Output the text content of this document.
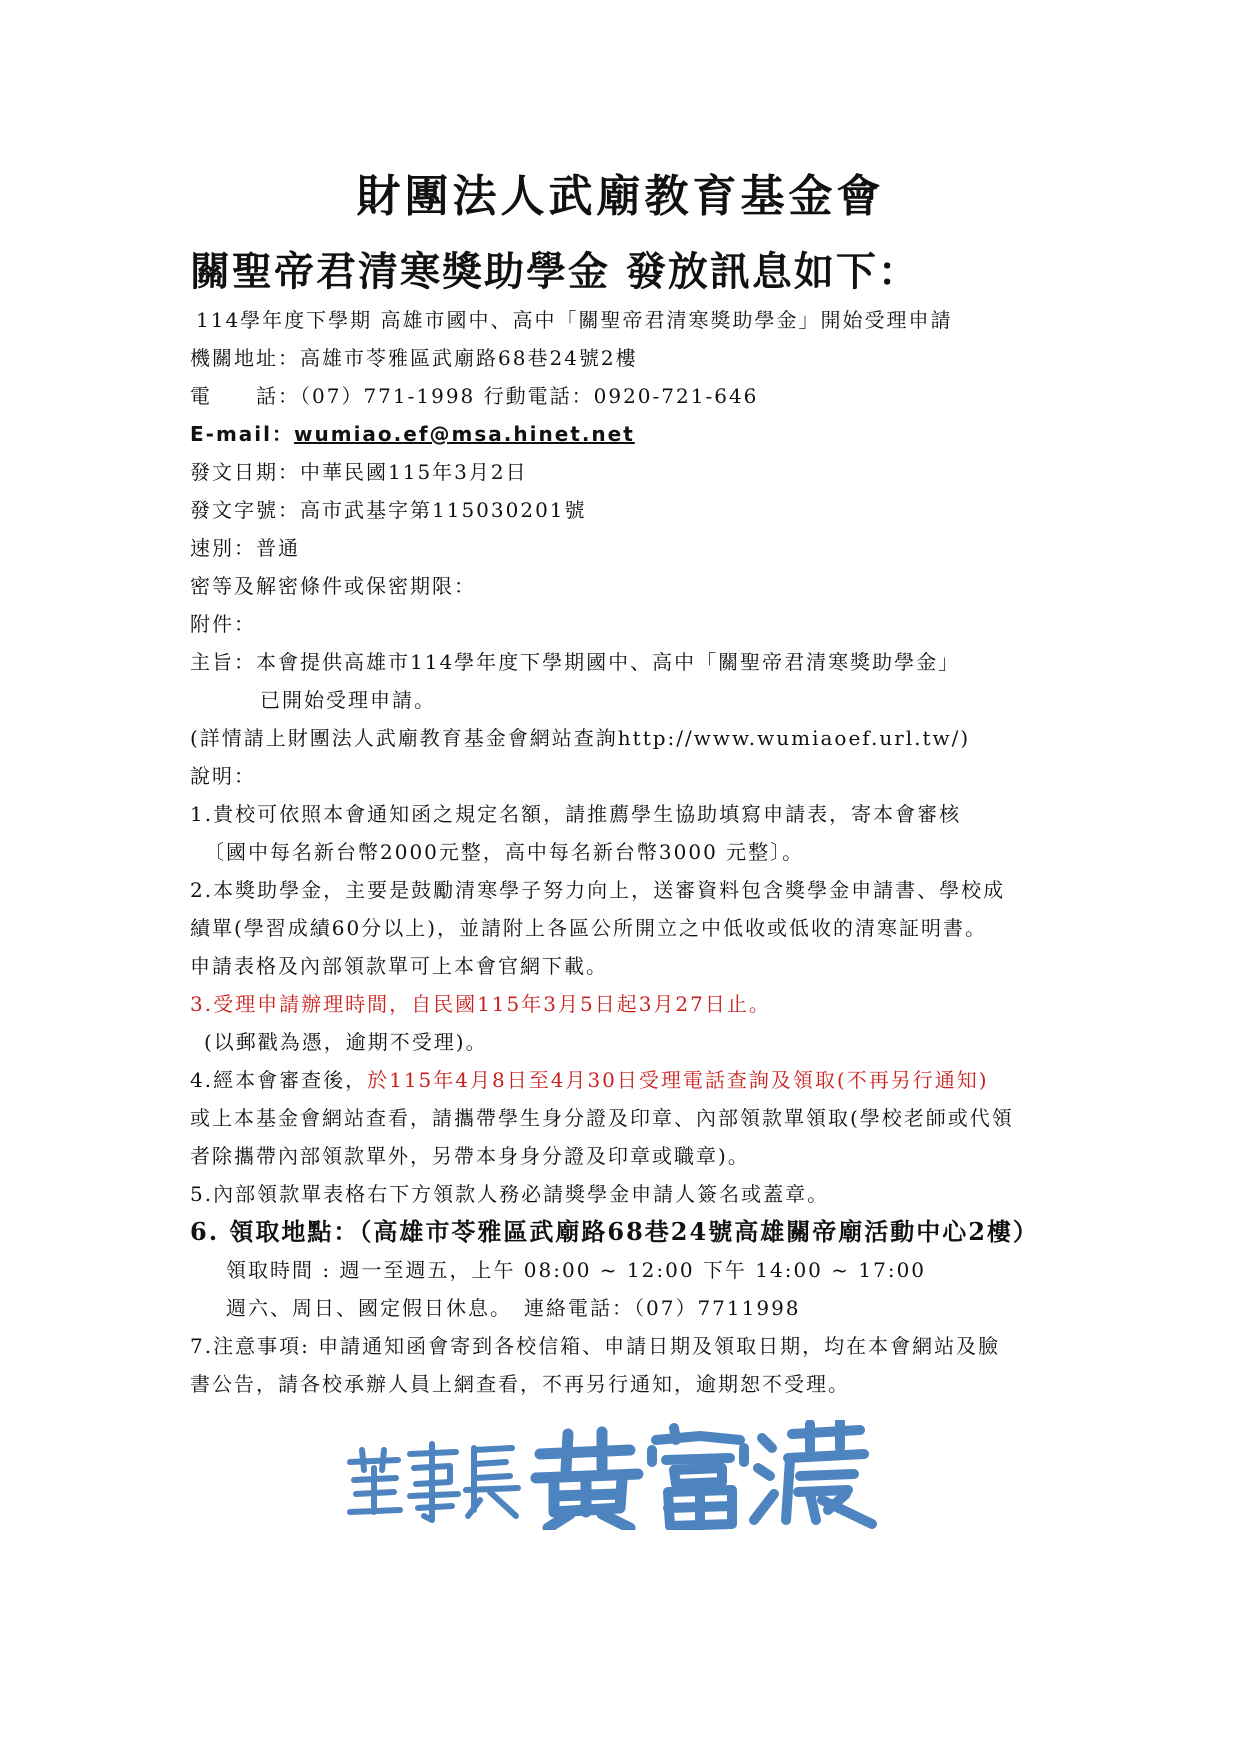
財團法人武廟教育基金會
關聖帝君清寒獎助學金 發放訊息如下：
114學年度下學期 高雄市國中、高中「關聖帝君清寒獎助學金」開始受理申請
機關地址：高雄市苓雅區武廟路68巷24號2樓
電　　話：（07）771-1998 行動電話：0920-721-646
E-mail：wumiao.ef@msa.hinet.net
發文日期：中華民國115年3月2日
發文字號：高市武基字第115030201號
速別：普通
密等及解密條件或保密期限：
附件：
主旨：本會提供高雄市114學年度下學期國中、高中「關聖帝君清寒獎助學金」
已開始受理申請。
(詳情請上財團法人武廟教育基金會網站查詢http://www.wumiaoef.url.tw/)
說明：
1.貴校可依照本會通知函之規定名額，請推薦學生協助填寫申請表，寄本會審核
〔國中每名新台幣2000元整，高中每名新台幣3000 元整〕。
2.本獎助學金，主要是鼓勵清寒學子努力向上，送審資料包含獎學金申請書、學校成
績單(學習成績60分以上)，並請附上各區公所開立之中低收或低收的清寒証明書。
申請表格及內部領款單可上本會官網下載。
3.受理申請辦理時間，自民國115年3月5日起3月27日止。
(以郵戳為憑，逾期不受理)。
4.經本會審查後，於115年4月8日至4月30日受理電話查詢及領取(不再另行通知)
或上本基金會網站查看，請攜帶學生身分證及印章、內部領款單領取(學校老師或代領
者除攜帶內部領款單外，另帶本身身分證及印章或職章)。
5.內部領款單表格右下方領款人務必請獎學金申請人簽名或蓋章。
6. 領取地點：（高雄市苓雅區武廟路68巷24號高雄關帝廟活動中心2樓）
領取時間 : 週一至週五，上午 08:00 ~ 12:00 下午 14:00 ~ 17:00
週六、周日、國定假日休息。　連絡電話：（07）7711998
7.注意事項: 申請通知函會寄到各校信箱、申請日期及領取日期，均在本會網站及臉
書公告，請各校承辦人員上網查看，不再另行通知，逾期恕不受理。
